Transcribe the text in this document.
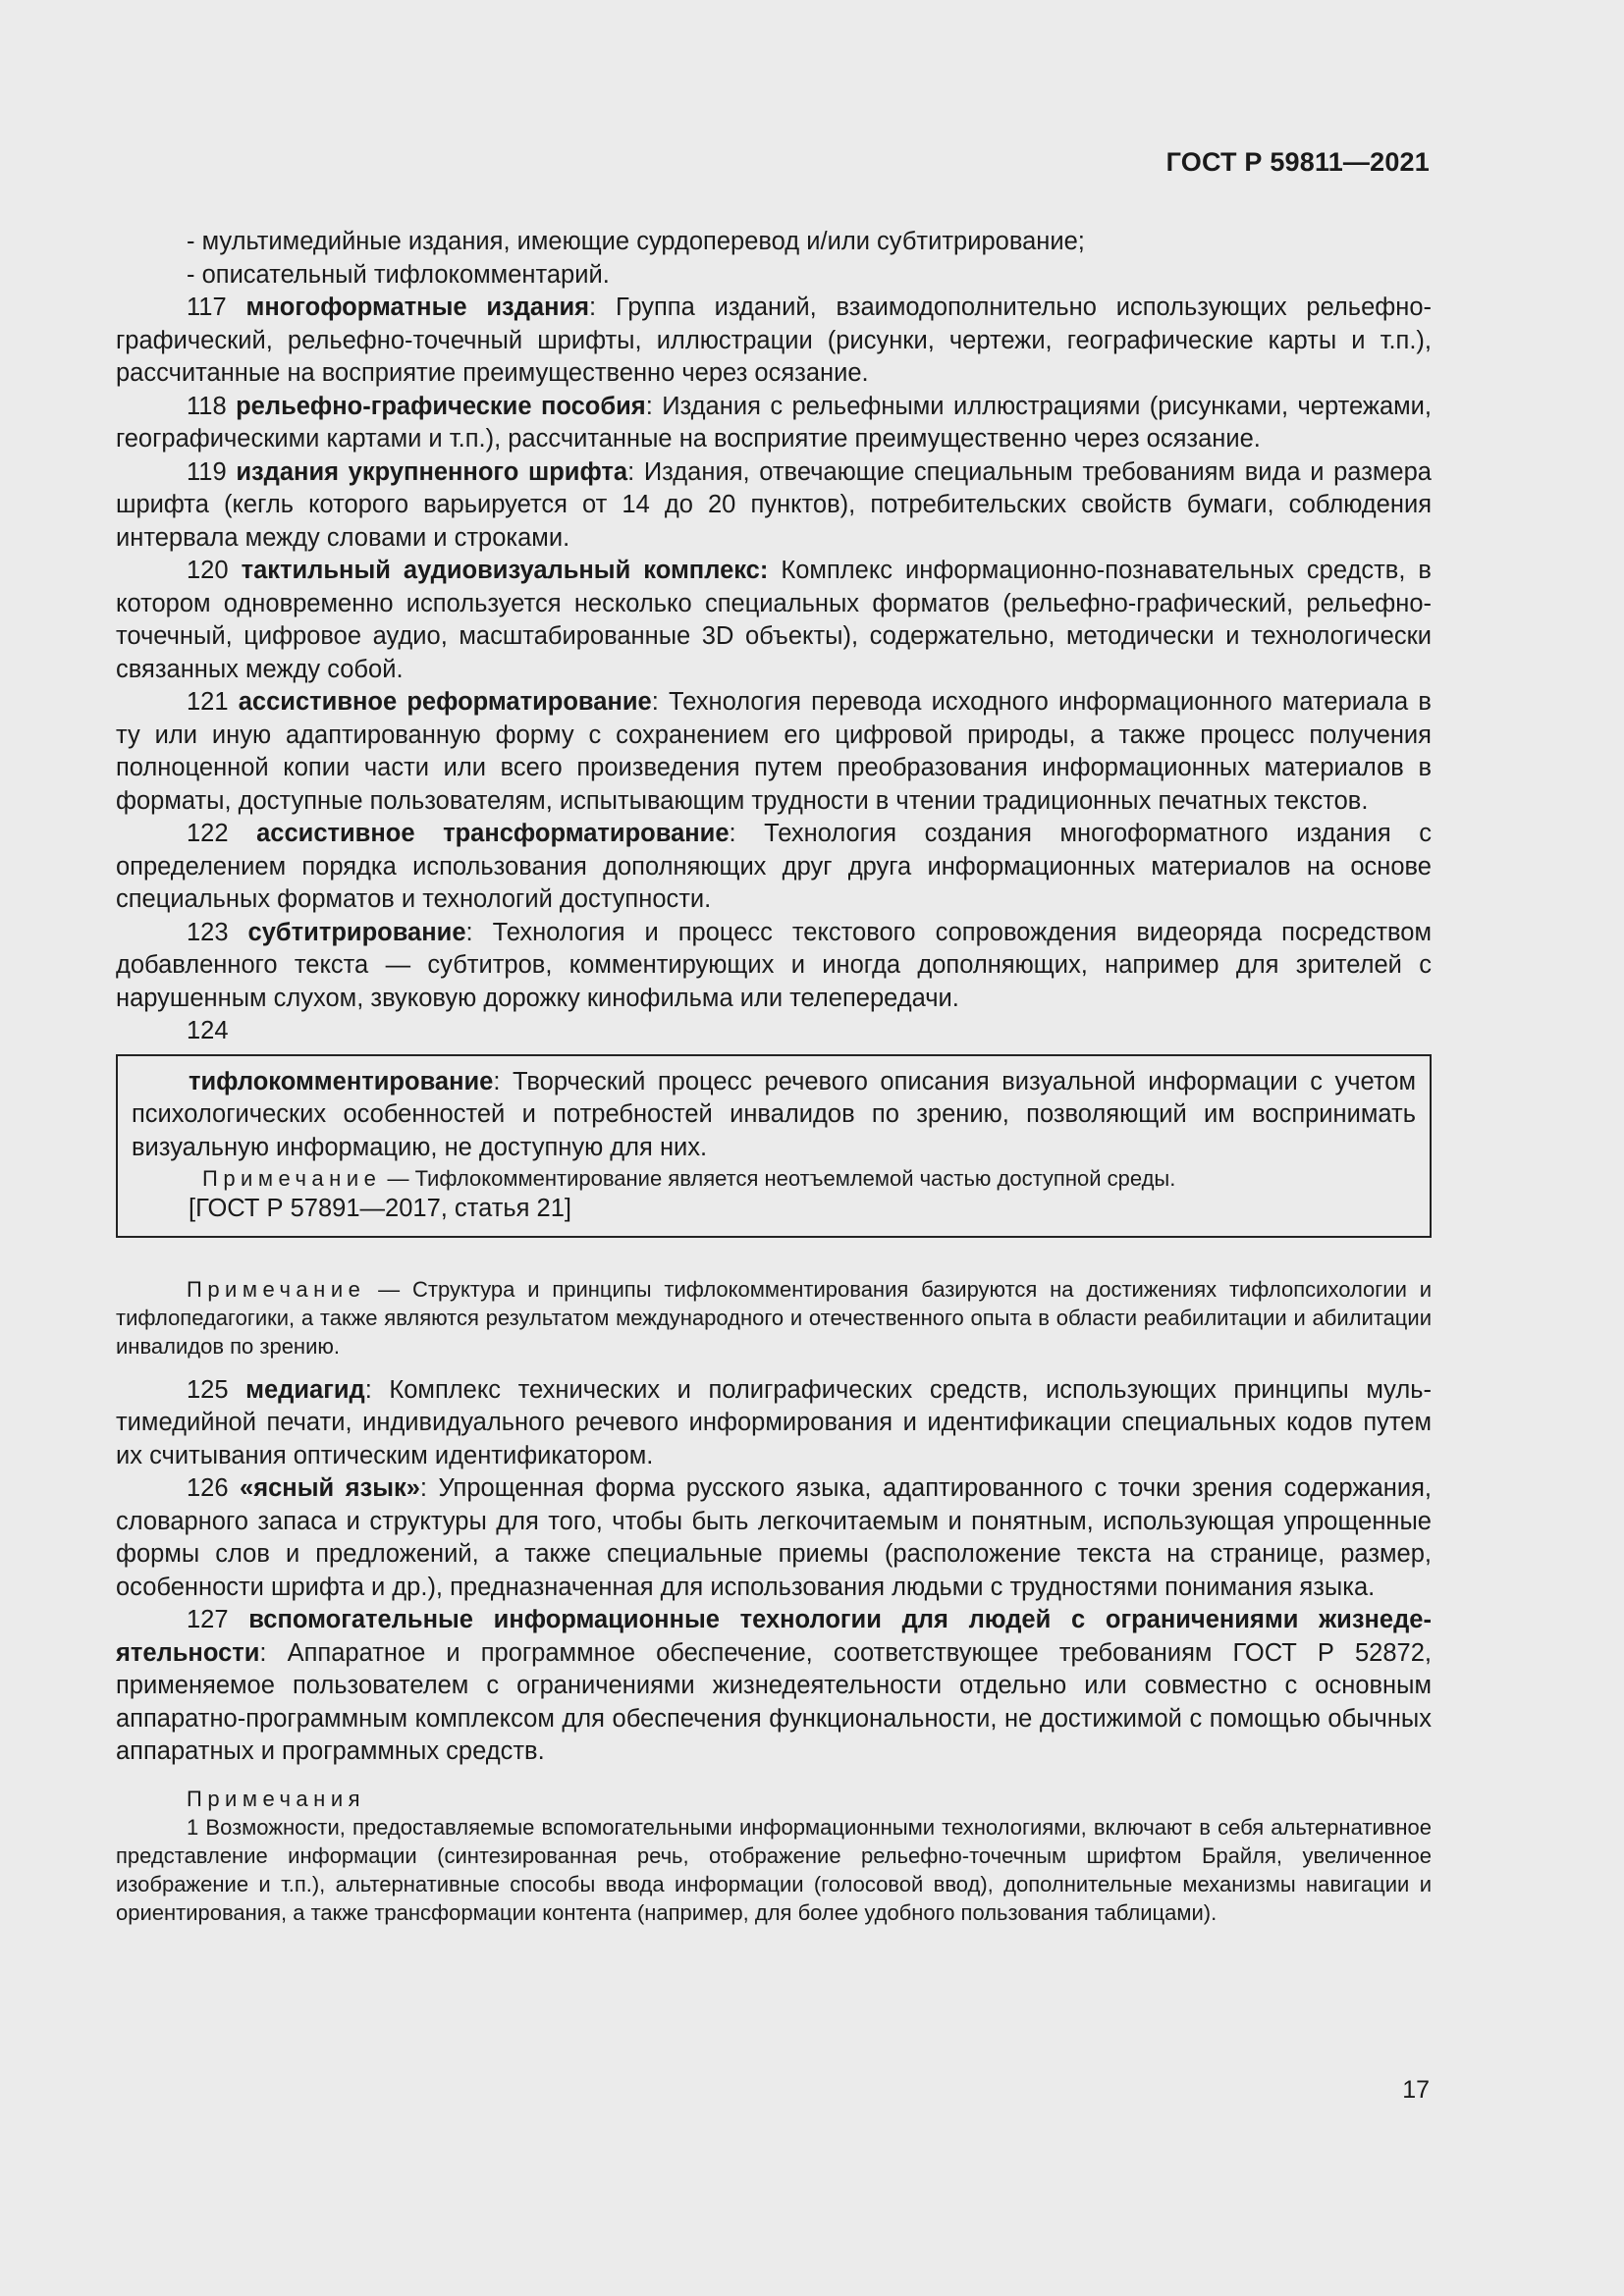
ГОСТ Р 59811—2021

- мультимедийные издания, имеющие сурдоперевод и/или субтитрирование;

- описательный тифлокомментарий.

117 многоформатные издания: Группа изданий, взаимодополнительно использующих рельефно-графический, рельефно-точечный шрифты, иллюстрации (рисунки, чертежи, географические карты и т.п.), рассчитанные на восприятие преимущественно через осязание.

118 рельефно-графические пособия: Издания с рельефными иллюстрациями (рисунками, чертежами, географическими картами и т.п.), рассчитанные на восприятие преимущественно через осязание.

119 издания укрупненного шрифта: Издания, отвечающие специальным требованиям вида и размера шрифта (кегль которого варьируется от 14 до 20 пунктов), потребительских свойств бумаги, соблюдения интервала между словами и строками.

120 тактильный аудиовизуальный комплекс: Комплекс информационно-познавательных средств, в котором одновременно используется несколько специальных форматов (рельефно-графический, рельефно-точечный, цифровое аудио, масштабированные 3D объекты), содержательно, методически и технологически связанных между собой.

121 ассистивное реформатирование: Технология перевода исходного информационного материала в ту или иную адаптированную форму с сохранением его цифровой природы, а также процесс получения полноценной копии части или всего произведения путем преобразования информационных материалов в форматы, доступные пользователям, испытывающим трудности в чтении традиционных печатных текстов.

122 ассистивное трансформатирование: Технология создания многоформатного издания с определением порядка использования дополняющих друг друга информационных материалов на основе специальных форматов и технологий доступности.

123 субтитрирование: Технология и процесс текстового сопровождения видеоряда посредством добавленного текста — субтитров, комментирующих и иногда дополняющих, например для зрителей с нарушенным слухом, звуковую дорожку кинофильма или телепередачи.

124

тифлокомментирование: Творческий процесс речевого описания визуальной информации с учетом психологических особенностей и потребностей инвалидов по зрению, позволяющий им воспринимать визуальную информацию, не доступную для них.

Примечание — Тифлокомментирование является неотъемлемой частью доступной среды.

[ГОСТ Р 57891—2017, статья 21]

Примечание — Структура и принципы тифлокомментирования базируются на достижениях тифлопсихологии и тифлопедагогики, а также являются результатом международного и отечественного опыта в области реабилитации и абилитации инвалидов по зрению.

125 медиагид: Комплекс технических и полиграфических средств, использующих принципы мультимедийной печати, индивидуального речевого информирования и идентификации специальных кодов путем их считывания оптическим идентификатором.

126 «ясный язык»: Упрощенная форма русского языка, адаптированного с точки зрения содержания, словарного запаса и структуры для того, чтобы быть легкочитаемым и понятным, использующая упрощенные формы слов и предложений, а также специальные приемы (расположение текста на странице, размер, особенности шрифта и др.), предназначенная для использования людьми с трудностями понимания языка.

127 вспомогательные информационные технологии для людей с ограничениями жизнедеятельности: Аппаратное и программное обеспечение, соответствующее требованиям ГОСТ Р 52872, применяемое пользователем с ограничениями жизнедеятельности отдельно или совместно с основным аппаратно-программным комплексом для обеспечения функциональности, не достижимой с помощью обычных аппаратных и программных средств.

Примечания

1 Возможности, предоставляемые вспомогательными информационными технологиями, включают в себя альтернативное представление информации (синтезированная речь, отображение рельефно-точечным шрифтом Брайля, увеличенное изображение и т.п.), альтернативные способы ввода информации (голосовой ввод), дополнительные механизмы навигации и ориентирования, а также трансформации контента (например, для более удобного пользования таблицами).

17
